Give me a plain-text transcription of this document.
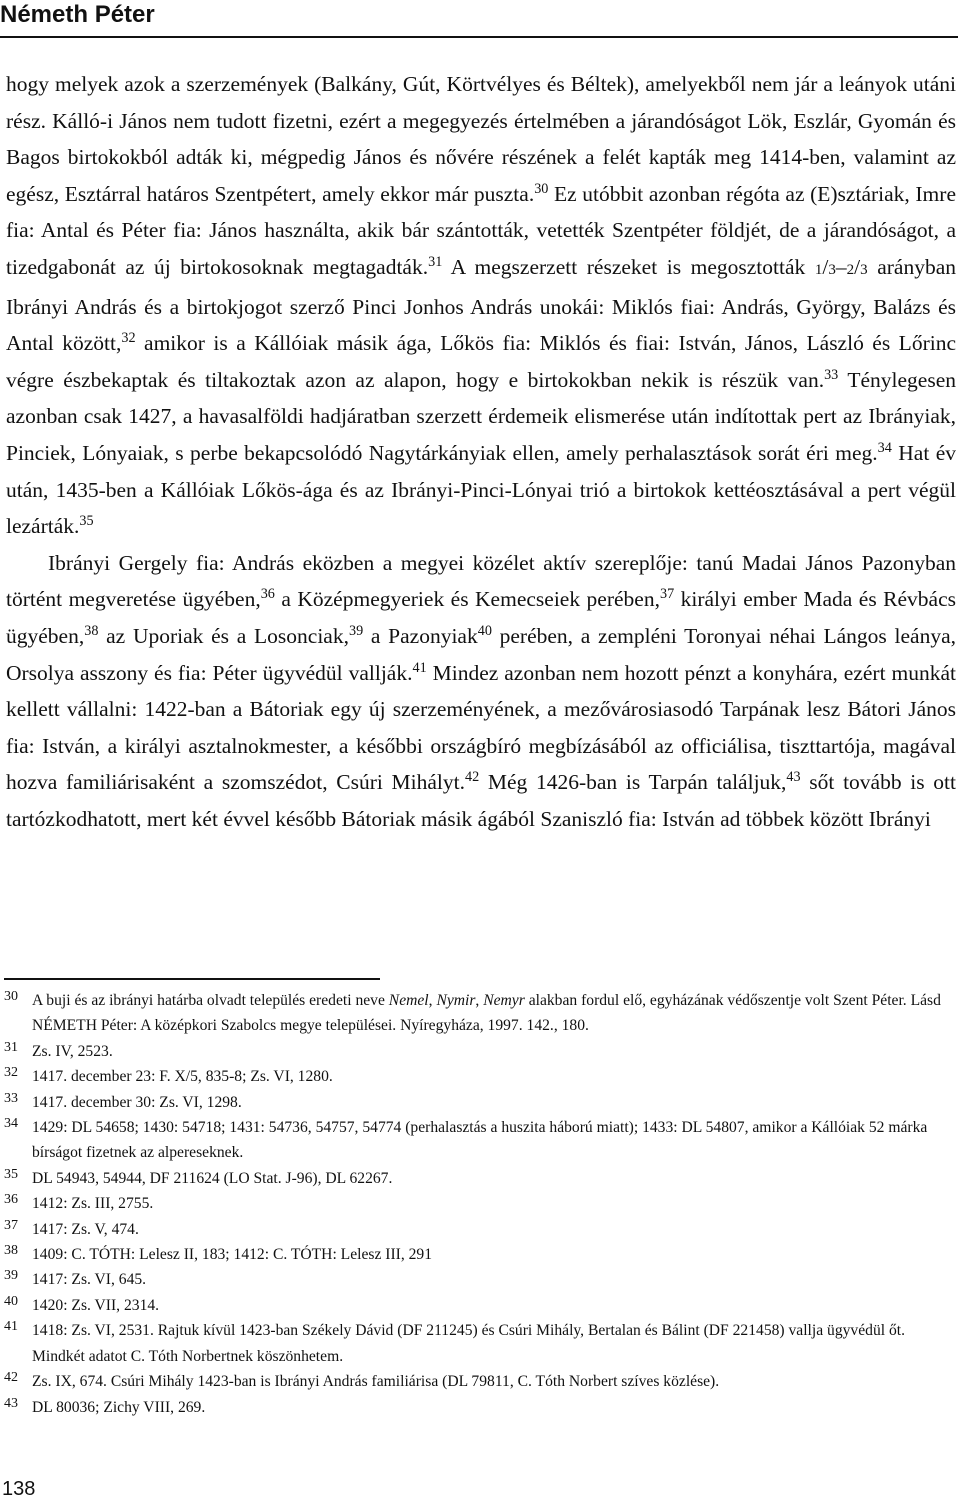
Németh Péter

hogy melyek azok a szerzemények (Balkány, Gút, Körtvélyes és Béltek), amelyekből nem jár a leányok utáni rész. Kálló-i János nem tudott fizetni, ezért a megegyezés értelmében a járandóságot Lök, Eszlár, Gyomán és Bagos birtokokból adták ki, mégpedig János és nővére részének a felét kapták meg 1414-ben, valamint az egész, Esztárral határos Szentpétert, amely ekkor már puszta.$^{30}$ Ez utóbbit azonban régóta az (E)sztáriak, Imre fia: Antal és Péter fia: János használta, akik bár szántották, vetették Szentpéter földjét, de a járandóságot, a tizedgabonát az új birtokosoknak megtagadták.$^{31}$ A megszerzett részeket is megosztották 1/3–2/3 arányban Ibrányi András és a birtokjogot szerző Pinci Jonhos András unokái: Miklós fiai: András, György, Balázs és Antal között,$^{32}$ amikor is a Kállóiak másik ága, Lőkös fia: Miklós és fiai: István, János, László és Lőrinc végre észbekaptak és tiltakoztak azon az alapon, hogy e birtokokban nekik is részük van.$^{33}$ Ténylegesen azonban csak 1427, a havasalföldi hadjáratban szerzett érdemeik elismerése után indítottak pert az Ibrányiak, Pinciek, Lónyaiak, s perbe bekapcsolódó Nagytárkányiak ellen, amely perhalasztások sorát éri meg.$^{34}$ Hat év után, 1435-ben a Kállóiak Lőkös-ága és az Ibrányi-Pinci-Lónyai trió a birtokok kettéosztásával a pert végül lezárták.$^{35}$

Ibrányi Gergely fia: András eközben a megyei közélet aktív szereplője: tanú Madai János Pazonyban történt megveretése ügyében,$^{36}$ a Középmegyeriek és Kemecseiek perében,$^{37}$ királyi ember Mada és Révbács ügyében,$^{38}$ az Uporiak és a Losonciak,$^{39}$ a Pazonyiak$^{40}$ perében, a zempléni Toronyai néhai Lángos leánya, Orsolya asszony és fia: Péter ügyvédül vallják.$^{41}$ Mindez azonban nem hozott pénzt a konyhára, ezért munkát kellett vállalni: 1422-ban a Bátoriak egy új szerzeményének, a mezővárosiasodó Tarpának lesz Bátori János fia: István, a királyi asztalnokmester, a későbbi országbíró megbízásából az officiálisa, tiszttartója, magával hozva familiárisaként a szomszédot, Csúri Mihályt.$^{42}$ Még 1426-ban is Tarpán találjuk,$^{43}$ sőt tovább is ott tartózkodhatott, mert két évvel később Bátoriak másik ágából Szaniszló fia: István ad többek között Ibrányi

30 A buji és az ibrányi határba olvadt település eredeti neve Nemel, Nymir, Nemyr alakban fordul elő, egyházának védőszentje volt Szent Péter. Lásd NÉMETH Péter: A középkori Szabolcs megye települései. Nyíregyháza, 1997. 142., 180.
31 Zs. IV, 2523.
32 1417. december 23: F. X/5, 835-8; Zs. VI, 1280.
33 1417. december 30: Zs. VI, 1298.
34 1429: DL 54658; 1430: 54718; 1431: 54736, 54757, 54774 (perhalasztás a huszita háború miatt); 1433: DL 54807, amikor a Kállóiak 52 márka bírságot fizetnek az alpereseknek.
35 DL 54943, 54944, DF 211624 (LO Stat. J-96), DL 62267.
36 1412: Zs. III, 2755.
37 1417: Zs. V, 474.
38 1409: C. TÓTH: Lelesz II, 183; 1412: C. TÓTH: Lelesz III, 291
39 1417: Zs. VI, 645.
40 1420: Zs. VII, 2314.
41 1418: Zs. VI, 2531. Rajtuk kívül 1423-ban Székely Dávid (DF 211245) és Csúri Mihály, Bertalan és Bálint (DF 221458) vallja ügyvédül őt. Mindkét adatot C. Tóth Norbertnek köszönhetem.
42 Zs. IX, 674. Csúri Mihály 1423-ban is Ibrányi András familiárisa (DL 79811, C. Tóth Norbert szíves közlése).
43 DL 80036; Zichy VIII, 269.
138
